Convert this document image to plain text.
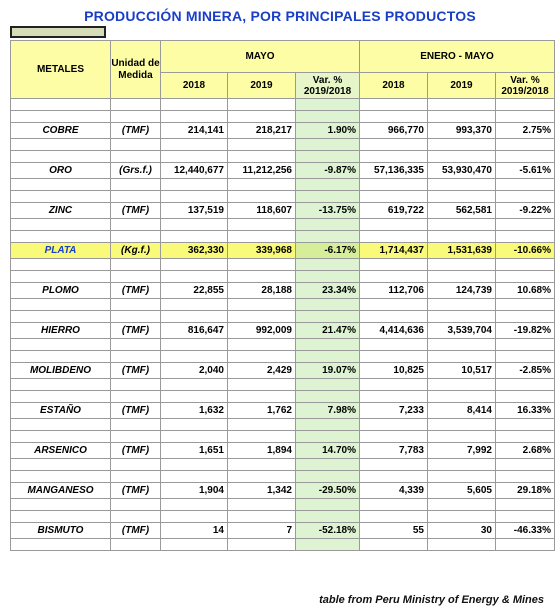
PRODUCCIÓN MINERA, POR PRINCIPALES PRODUCTOS
METALES	Unidad de Medida	MAYO			ENERO - MAYO		
		2018	2019	Var. % 2019/2018	2018	2019	Var. % 2019/2018

COBRE	(TMF)	214,141	218,217	1.90%	966,770	993,370	2.75%

ORO	(Grs.f.)	12,440,677	11,212,256	-9.87%	57,136,335	53,930,470	-5.61%

ZINC	(TMF)	137,519	118,607	-13.75%	619,722	562,581	-9.22%

PLATA	(Kg.f.)	362,330	339,968	-6.17%	1,714,437	1,531,639	-10.66%

PLOMO	(TMF)	22,855	28,188	23.34%	112,706	124,739	10.68%

HIERRO	(TMF)	816,647	992,009	21.47%	4,414,636	3,539,704	-19.82%

MOLIBDENO	(TMF)	2,040	2,429	19.07%	10,825	10,517	-2.85%

ESTAÑO	(TMF)	1,632	1,762	7.98%	7,233	8,414	16.33%

ARSENICO	(TMF)	1,651	1,894	14.70%	7,783	7,992	2.68%

MANGANESO	(TMF)	1,904	1,342	-29.50%	4,339	5,605	29.18%

BISMUTO	(TMF)	14	7	-52.18%	55	30	-46.33%

table from Peru Ministry of Energy & Mines
